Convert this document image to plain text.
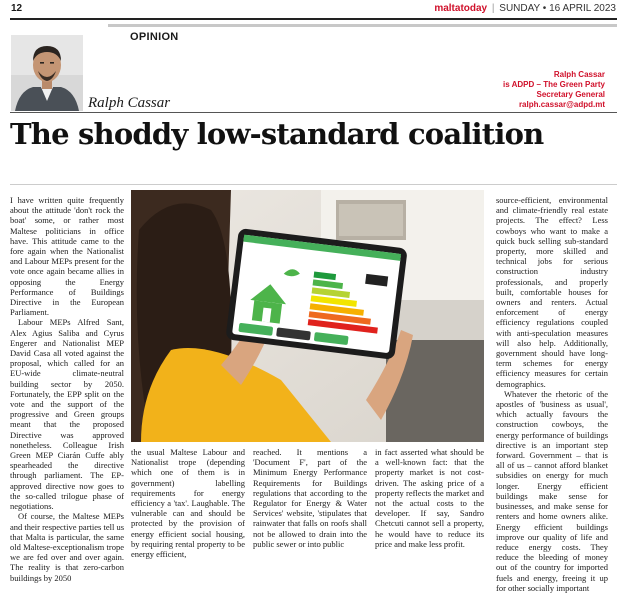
12	maltatoday | SUNDAY • 16 APRIL 2023
OPINION
Ralph Cassar
Ralph Cassar
is ADPD – The Green Party
Secretary General
ralph.cassar@adpd.mt
The shoddy low-standard coalition

I have written quite frequently about the attitude 'don't rock the boat' some, or rather most Maltese politicians in office have. This attitude came to the fore again when the Nationalist and Labour MEPs present for the vote once again became allies in opposing the Energy Performance of Buildings Directive in the European Parliament.

Labour MEPs Alfred Sant, Alex Agius Saliba and Cyrus Engerer and Nationalist MEP David Casa all voted against the proposal, which called for an EU-wide climate-neutral building sector by 2050. Fortunately, the EPP split on the vote and the support of the progressive and Green groups meant that the proposed Directive was approved nonetheless. Colleague Irish Green MEP Ciarán Cuffe ably spearheaded the directive through parliament. The EP-approved directive now goes to the so-called trilogue phase of negotiations.

Of course, the Maltese MEPs and their respective parties tell us that Malta is particular, the same old Maltese-exceptionalism trope we are fed over and over again. The reality is that zero-carbon buildings by 2050

the usual Maltese Labour and Nationalist trope (depending which one of them is in government) labelling requirements for energy efficiency a 'tax'. Laughable. The vulnerable can and should be protected by the provision of energy efficient social housing, by requiring rental property to be energy efficient,

reached. It mentions a 'Document F', part of the Minimum Energy Performance Requirements for Buildings regulations that according to the Regulator for Energy & Water Services' website, 'stipulates that rainwater that falls on roofs shall not be allowed to drain into the public sewer or into public

in fact asserted what should be a well-known fact: that the property market is not cost-driven. The asking price of a property reflects the market and not the actual costs to the developer. If say, Sandro Chetcuti cannot sell a property, he would have to reduce its price and make less profit.

source-efficient, environmental and climate-friendly real estate projects. The effect? Less cowboys who want to make a quick buck selling sub-standard property, more skilled and technical jobs for serious construction industry professionals, and properly built, comfortable houses for owners and renters. Actual enforcement of energy efficiency regulations coupled with anti-speculation measures will also help. Additionally, government should have long-term schemes for energy efficiency measures for certain demographics.

Whatever the rhetoric of the apostles of 'business as usual', which actually favours the construction cowboys, the energy performance of buildings directive is an important step forward. Government – that is all of us – cannot afford blanket subsidies on energy for much longer. Energy efficient buildings make sense for businesses, and make sense for renters and home owners alike. Energy efficient buildings improve our quality of life and reduce energy costs. They reduce the bleeding of money out of the country for imported fuels and energy, freeing it up for other socially important
